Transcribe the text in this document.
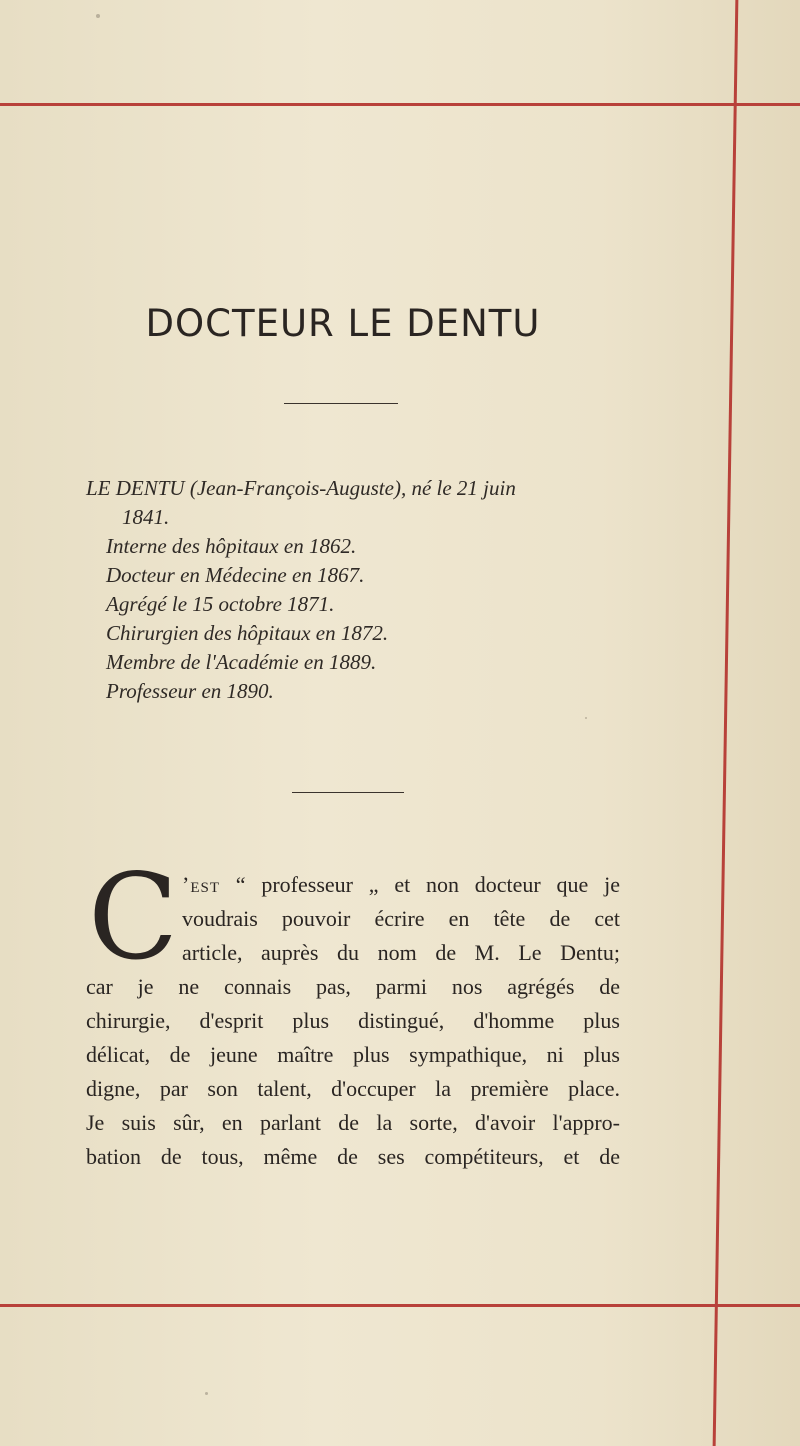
DOCTEUR LE DENTU
LE DENTU (Jean-François-Auguste), né le 21 juin
1841.
Interne des hôpitaux en 1862.
Docteur en Médecine en 1867.
Agrégé le 15 octobre 1871.
Chirurgien des hôpitaux en 1872.
Membre de l'Académie en 1889.
Professeur en 1890.
C ’est “ professeur „ et non docteur que je
voudrais pouvoir écrire en tête de cet
article, auprès du nom de M. Le Dentu;
car je ne connais pas, parmi nos agrégés de
chirurgie, d'esprit plus distingué, d'homme plus
délicat, de jeune maître plus sympathique, ni plus
digne, par son talent, d'occuper la première place.
Je suis sûr, en parlant de la sorte, d'avoir l'appro-
bation de tous, même de ses compétiteurs, et de
